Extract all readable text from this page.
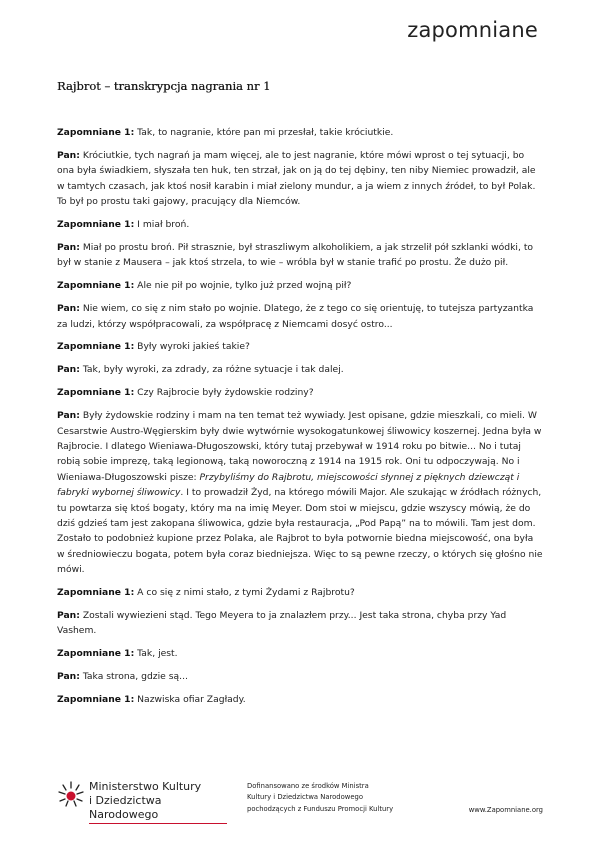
zapomniane
Rajbrot – transkrypcja nagrania nr 1

Zapomniane 1: Tak, to nagranie, które pan mi przesłał, takie króciutkie.

Pan: Króciutkie, tych nagrań ja mam więcej, ale to jest nagranie, które mówi wprost o tej sytuacji, bo ona była świadkiem, słyszała ten huk, ten strzał, jak on ją do tej dębiny, ten niby Niemiec prowadził, ale w tamtych czasach, jak ktoś nosił karabin i miał zielony mundur, a ja wiem z innych źródeł, to był Polak. To był po prostu taki gajowy, pracujący dla Niemców.

Zapomniane 1: I miał broń.

Pan: Miał po prostu broń. Pił strasznie, był straszliwym alkoholikiem, a jak strzelił pół szklanki wódki, to był w stanie z Mausera – jak ktoś strzela, to wie – wróbla był w stanie trafić po prostu. Że dużo pił.

Zapomniane 1: Ale nie pił po wojnie, tylko już przed wojną pił?

Pan: Nie wiem, co się z nim stało po wojnie. Dlatego, że z tego co się orientuję, to tutejsza partyzantka za ludzi, którzy współpracowali, za współpracę z Niemcami dosyć ostro...

Zapomniane 1: Były wyroki jakieś takie?

Pan: Tak, były wyroki, za zdrady, za różne sytuacje i tak dalej.

Zapomniane 1: Czy Rajbrocie były żydowskie rodziny?

Pan: Były żydowskie rodziny i mam na ten temat też wywiady. Jest opisane, gdzie mieszkali, co mieli. W Cesarstwie Austro-Węgierskim były dwie wytwórnie wysokogatunkowej śliwowicy koszernej. Jedna była w Rajbrocie. I dlatego Wieniawa-Długoszowski, który tutaj przebywał w 1914 roku po bitwie... No i tutaj robią sobie imprezę, taką legionową, taką noworoczną z 1914 na 1915 rok. Oni tu odpoczywają. No i Wieniawa-Długoszowski pisze: Przybyliśmy do Rajbrotu, miejscowości słynnej z pięknych dziewcząt i fabryki wybornej śliwowicy. I to prowadził Żyd, na którego mówili Major. Ale szukając w źródłach różnych, tu powtarza się ktoś bogaty, który ma na imię Meyer. Dom stoi w miejscu, gdzie wszyscy mówią, że do dziś gdzieś tam jest zakopana śliwowica, gdzie była restauracja, „Pod Papą” na to mówili. Tam jest dom. Zostało to podobnież kupione przez Polaka, ale Rajbrot to była potwornie biedna miejscowość, ona była w średniowieczu bogata, potem była coraz biedniejsza. Więc to są pewne rzeczy, o których się głośno nie mówi.

Zapomniane 1: A co się z nimi stało, z tymi Żydami z Rajbrotu?

Pan: Zostali wywiezieni stąd. Tego Meyera to ja znalazłem przy... Jest taka strona, chyba przy Yad Vashem.

Zapomniane 1: Tak, jest.

Pan: Taka strona, gdzie są...

Zapomniane 1: Nazwiska ofiar Zagłady.

Ministerstwo Kultury
i Dziedzictwa Narodowego
Dofinansowano ze środków Ministra
Kultury i Dziedzictwa Narodowego
pochodzących z Funduszu Promocji Kultury	www.Zapomniane.org
